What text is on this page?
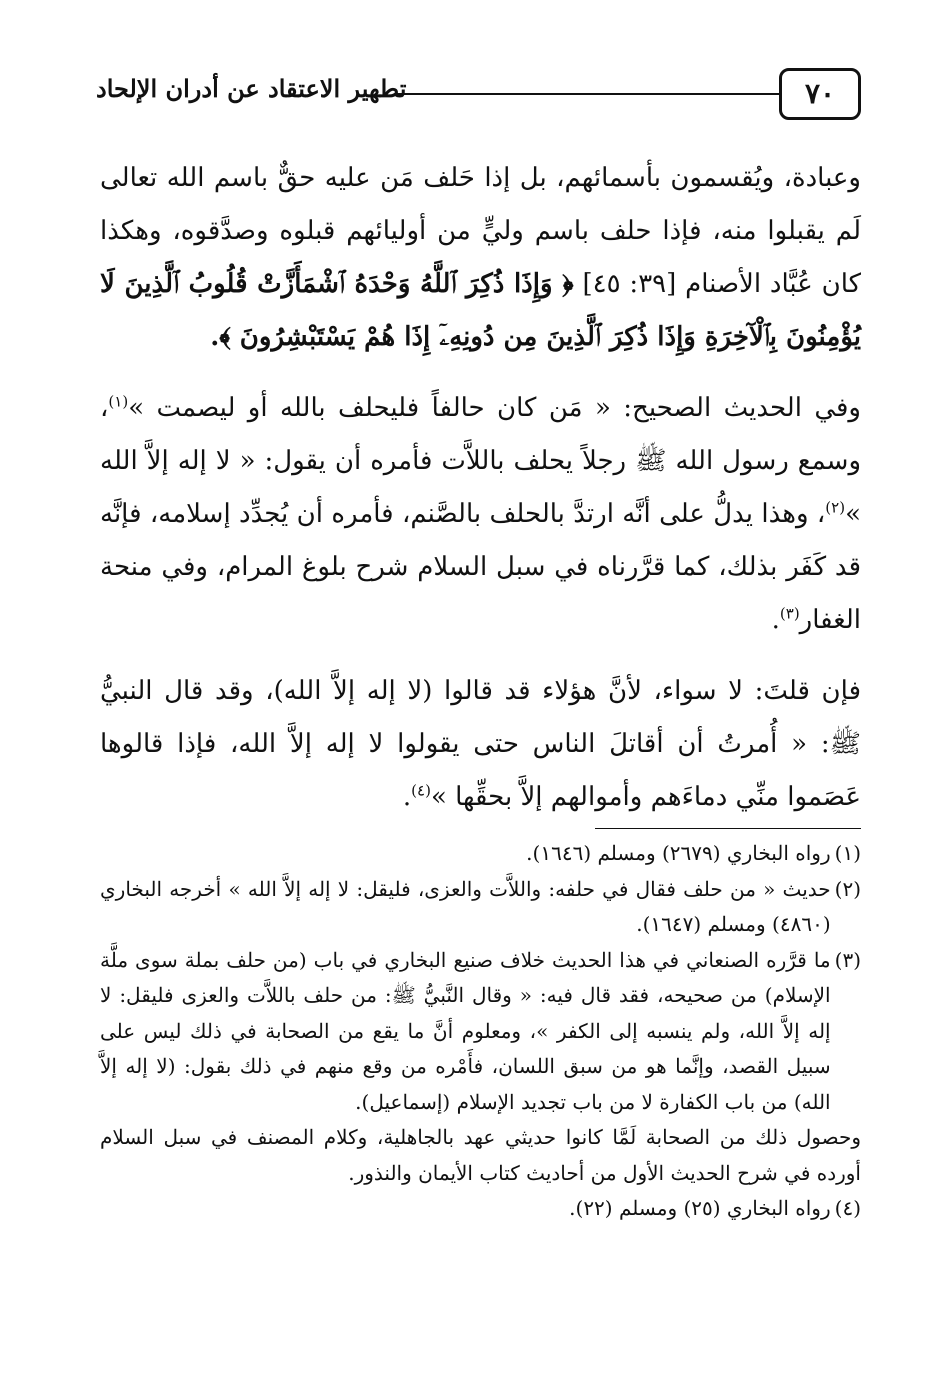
٧٠
تطهير الاعتقاد عن أدران الإلحاد

وعبادة، ويُقسمون بأسمائهم، بل إذا حَلف مَن عليه حقٌّ باسم الله تعالى لَم يقبلوا منه، فإذا حلف باسم وليٍّ من أوليائهم قبلوه وصدَّقوه، وهكذا كان عُبَّاد الأصنام [٣٩: ٤٥] ﴿ وَإِذَا ذُكِرَ ٱللَّهُ وَحْدَهُ ٱشْمَأَزَّتْ قُلُوبُ ٱلَّذِينَ لَا يُؤْمِنُونَ بِٱلْآخِرَةِ وَإِذَا ذُكِرَ ٱلَّذِينَ مِن دُونِهِۦٓ إِذَا هُمْ يَسْتَبْشِرُونَ ﴾.

وفي الحديث الصحيح: « مَن كان حالفاً فليحلف بالله أو ليصمت »$^{(١)}$، وسمع رسول الله ﷺ رجلاً يحلف باللاَّت فأمره أن يقول: « لا إله إلاَّ الله »$^{(٢)}$، وهذا يدلُّ على أنَّه ارتدَّ بالحلف بالصَّنم، فأمره أن يُجدِّد إسلامه، فإنَّه قد كَفَر بذلك، كما قرَّرناه في سبل السلام شرح بلوغ المرام، وفي منحة الغفار$^{(٣)}$.

فإن قلتَ: لا سواء، لأنَّ هؤلاء قد قالوا (لا إله إلاَّ الله)، وقد قال النبيُّ ﷺ: « أُمرتُ أن أقاتلَ الناس حتى يقولوا لا إله إلاَّ الله، فإذا قالوها عَصَموا منِّي دماءَهم وأموالهم إلاَّ بحقِّها »$^{(٤)}$.

(١)
رواه البخاري (٢٦٧٩) ومسلم (١٦٤٦).
(٢)
حديث « من حلف فقال في حلفه: واللاَّت والعزى، فليقل: لا إله إلاَّ الله » أخرجه البخاري (٤٨٦٠) ومسلم (١٦٤٧).
(٣)
ما قرَّره الصنعاني في هذا الحديث خلاف صنيع البخاري في باب (من حلف بملة سوى ملَّة الإسلام) من صحيحه، فقد قال فيه: « وقال النَّبيُّ ﷺ: من حلف باللاَّت والعزى فليقل: لا إله إلاَّ الله، ولم ينسبه إلى الكفر »، ومعلوم أنَّ ما يقع من الصحابة في ذلك ليس على سبيل القصد، وإنَّما هو من سبق اللسان، فأَمْره من وقع منهم في ذلك بقول: (لا إله إلاَّ الله) من باب الكفارة لا من باب تجديد الإسلام (إسماعيل).

وحصول ذلك من الصحابة لَمَّا كانوا حديثي عهد بالجاهلية، وكلام المصنف في سبل السلام أورده في شرح الحديث الأول من أحاديث كتاب الأيمان والنذور.

(٤)
رواه البخاري (٢٥) ومسلم (٢٢).
